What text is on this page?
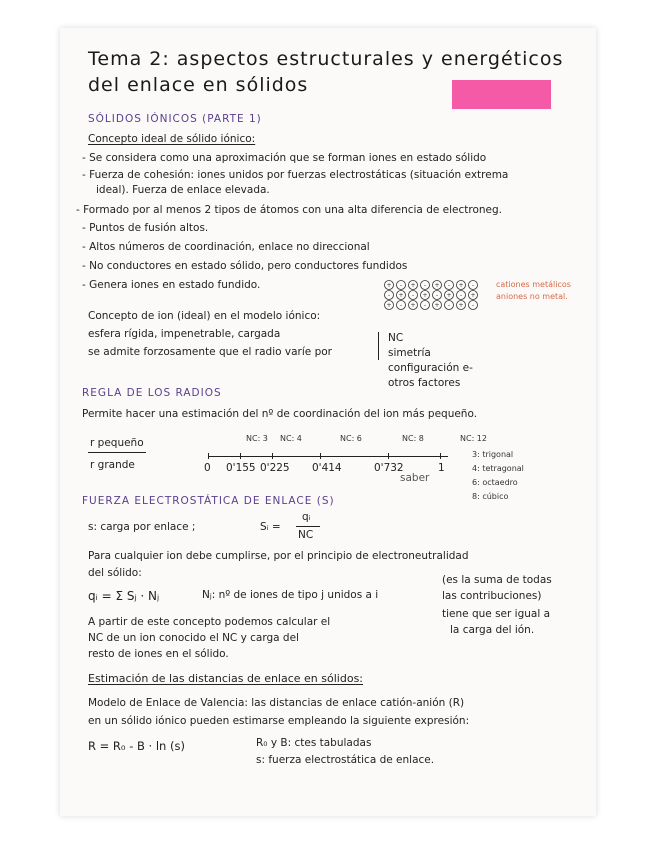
Tema 2: aspectos estructurales y energéticos
del enlace en sólidos
SÓLIDOS IÓNICOS (PARTE 1)
Concepto ideal de sólido iónico:
- Se considera como una aproximación que se forman iones en estado sólido
- Fuerza de cohesión: iones unidos por fuerzas electrostáticas (situación extrema
ideal). Fuerza de enlace elevada.
- Formado por al menos 2 tipos de átomos con una alta diferencia de electroneg.
- Puntos de fusión altos.
- Altos números de coordinación, enlace no direccional
- No conductores en estado sólido, pero conductores fundidos
- Genera iones en estado fundido.	+ - + - + - + -
- + - + - + - +
+ - + - + - + -
cationes metálicos
aniones no metal.
Concepto de ion (ideal) en el modelo iónico:
esfera rígida, impenetrable, cargada
se admite forzosamente que el radio varíe por
NC
simetría
configuración e-
otros factores
REGLA DE LOS RADIOS
Permite hacer una estimación del nº de coordinación del ion más pequeño.
r pequeño
r grande
NC: 3 NC: 4	NC: 6	NC: 8	NC: 12
0 0'155 0'225 0'414	0'732	1
saber
3: trigonal
4: tetragonal
6: octaedro
8: cúbico
FUERZA ELECTROSTÁTICA DE ENLACE (S)
s: carga por enlace ;	Sᵢ =
qᵢ
NC
Para cualquier ion debe cumplirse, por el principio de electroneutralidad
del sólido:
qᵢ = Σ Sⱼ · Nⱼ	Nⱼ: nº de iones de tipo j unidos a i
(es la suma de todas
las contribuciones)
tiene que ser igual a
la carga del ión.
A partir de este concepto podemos calcular el
NC de un ion conocido el NC y carga del
resto de iones en el sólido.
Estimación de las distancias de enlace en sólidos:
Modelo de Enlace de Valencia: las distancias de enlace catión-anión (R)
en un sólido iónico pueden estimarse empleando la siguiente expresión:
R = R₀ - B · ln (s)	R₀ y B: ctes tabuladas
s: fuerza electrostática de enlace.
